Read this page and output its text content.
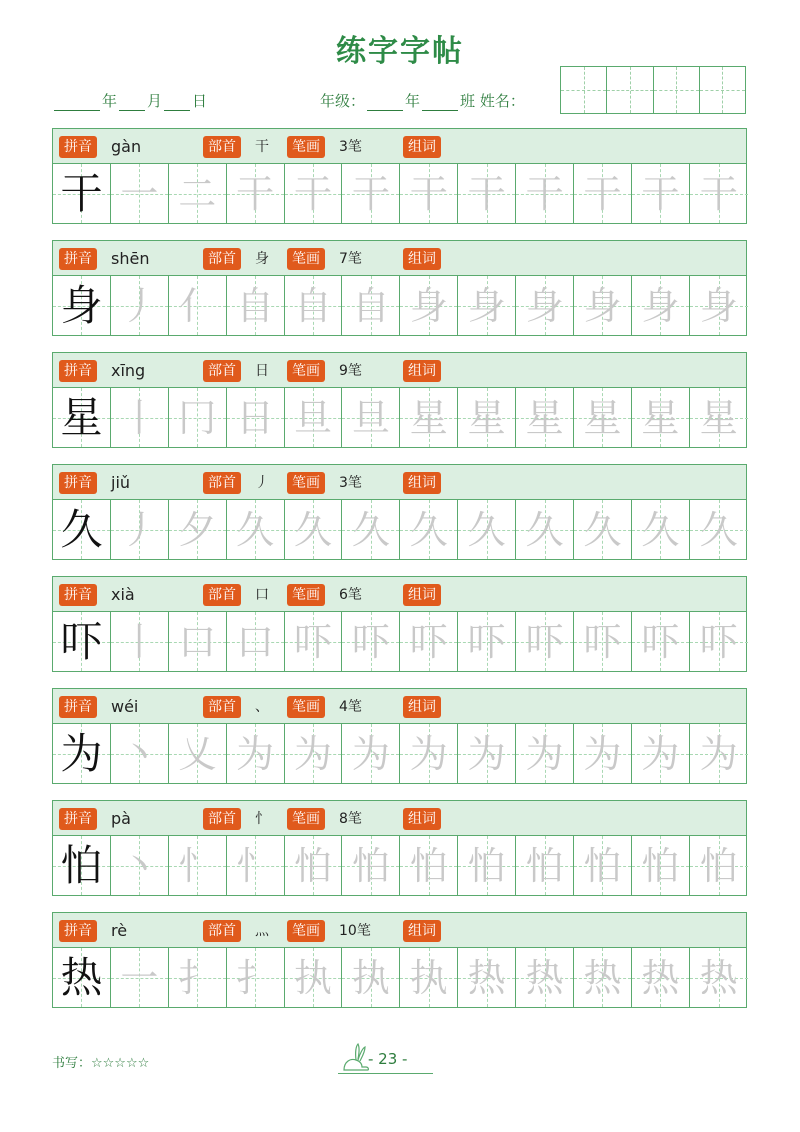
练字字帖
年 月 日	年级：	年	班 姓名：
拼音	gàn	部首	干	笔画	3笔	组词
干 一 二 干 干 干 干 干 干 干 干 干
拼音	shēn	部首	身	笔画	7笔	组词
身 丿 亻 自 自 自 身 身 身 身 身 身
拼音	xīng	部首	日	笔画	9笔	组词
星 丨 冂 日 旦 旦 星 星 星 星 星 星
拼音	jiǔ	部首	丿	笔画	3笔	组词
久 丿 夕 久 久 久 久 久 久 久 久 久
拼音	xià	部首	口	笔画	6笔	组词
吓 丨 口 口 吓 吓 吓 吓 吓 吓 吓 吓
拼音	wéi	部首	、	笔画	4笔	组词
为 丶 乂 为 为 为 为 为 为 为 为 为
拼音	pà	部首	忄	笔画	8笔	组词
怕 丶 忄 忄 怕 怕 怕 怕 怕 怕 怕 怕
拼音	rè	部首	灬	笔画	10笔	组词
热 一 扌 扌 执 执 执 热 热 热 热 热
书写：☆☆☆☆☆	- 23 -
